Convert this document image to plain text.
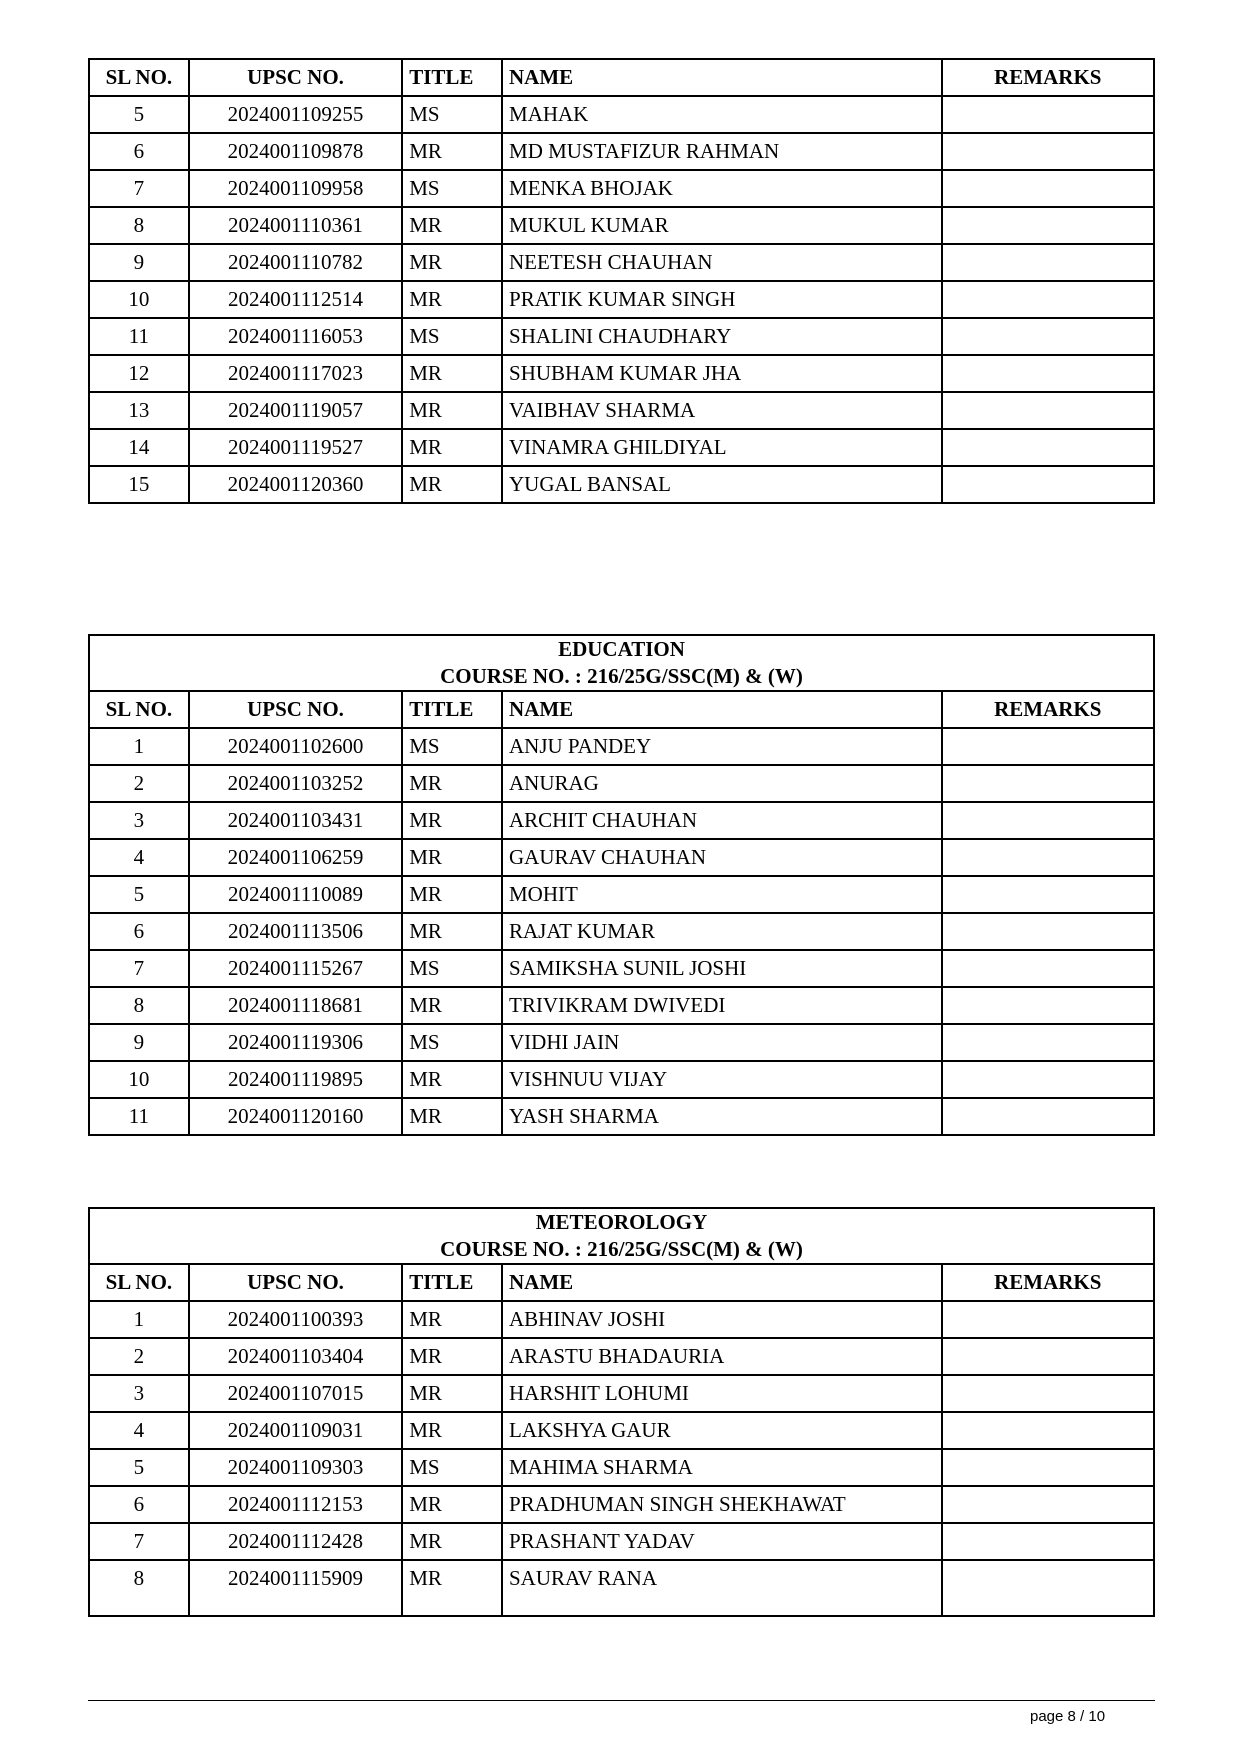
SL NO.	UPSC NO.	TITLE	NAME	REMARKS
5	2024001109255	MS	MAHAK	
6	2024001109878	MR	MD MUSTAFIZUR RAHMAN	
7	2024001109958	MS	MENKA BHOJAK	
8	2024001110361	MR	MUKUL KUMAR	
9	2024001110782	MR	NEETESH CHAUHAN	
10	2024001112514	MR	PRATIK KUMAR SINGH	
11	2024001116053	MS	SHALINI CHAUDHARY	
12	2024001117023	MR	SHUBHAM KUMAR JHA	
13	2024001119057	MR	VAIBHAV SHARMA	
14	2024001119527	MR	VINAMRA GHILDIYAL	
15	2024001120360	MR	YUGAL BANSAL	
EDUCATION
COURSE NO. : 216/25G/SSC(M) & (W)				

SL NO.	UPSC NO.	TITLE	NAME	REMARKS
1	2024001102600	MS	ANJU PANDEY	
2	2024001103252	MR	ANURAG	
3	2024001103431	MR	ARCHIT CHAUHAN	
4	2024001106259	MR	GAURAV CHAUHAN	
5	2024001110089	MR	MOHIT	
6	2024001113506	MR	RAJAT KUMAR	
7	2024001115267	MS	SAMIKSHA SUNIL JOSHI	
8	2024001118681	MR	TRIVIKRAM DWIVEDI	
9	2024001119306	MS	VIDHI JAIN	
10	2024001119895	MR	VISHNUU VIJAY	
11	2024001120160	MR	YASH SHARMA	
METEOROLOGY
COURSE NO. : 216/25G/SSC(M) & (W)				

SL NO.	UPSC NO.	TITLE	NAME	REMARKS
1	2024001100393	MR	ABHINAV JOSHI	
2	2024001103404	MR	ARASTU BHADAURIA	
3	2024001107015	MR	HARSHIT LOHUMI	
4	2024001109031	MR	LAKSHYA GAUR	
5	2024001109303	MS	MAHIMA SHARMA	
6	2024001112153	MR	PRADHUMAN SINGH SHEKHAWAT	
7	2024001112428	MR	PRASHANT YADAV	
8	2024001115909	MR	SAURAV RANA	
page 8 / 10
